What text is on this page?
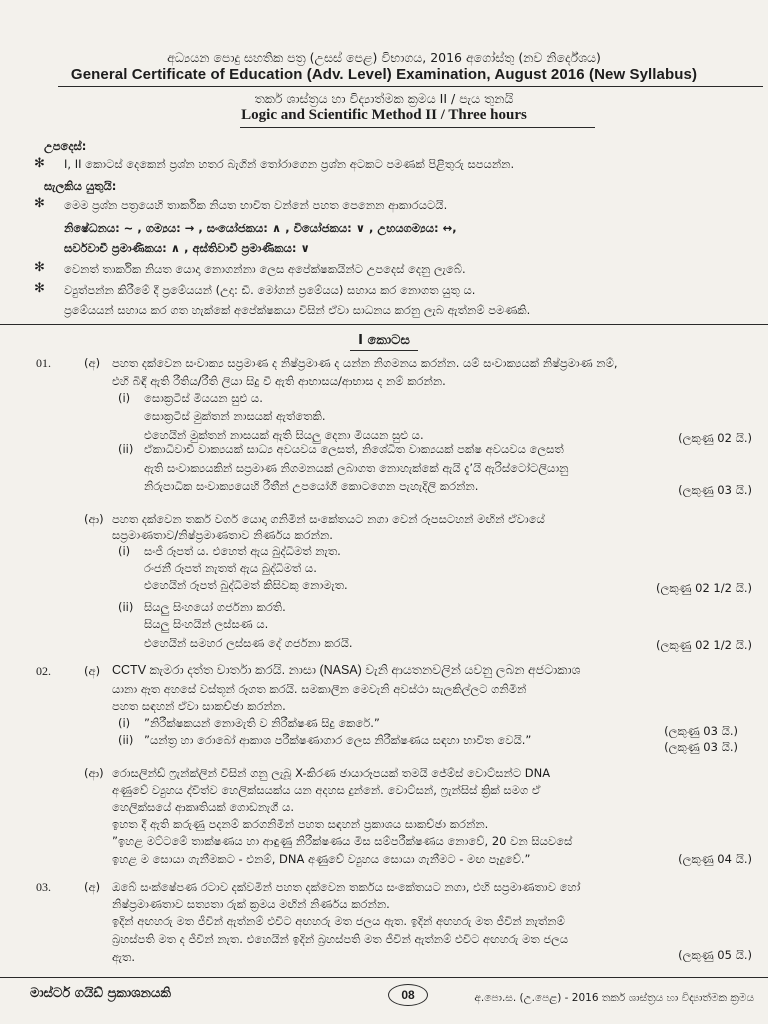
අධ්‍යයන පොදු සහතික පත්‍ර (උසස් පෙළ) විභාගය, 2016 අගෝස්තු (නව නිර්දේශය)
General Certificate of Education (Adv. Level) Examination, August 2016 (New Syllabus)
තර්ක ශාස්ත්‍රය හා විද්‍යාත්මක ක්‍රමය II / පැය තුනයි
Logic and Scientific Method II / Three hours
උපදෙස්:
✻ I, II කොටස් දෙකෙන් ප්‍රශ්න හතර බැගින් තෝරාගෙන ප්‍රශ්න අටකට පමණක් පිළිතුරු සපයන්න.
සැලකිය යුතුයි:
✻ මෙම ප්‍රශ්න පත්‍රයෙහි තාර්කික නියත භාවිත වන්නේ පහත පෙනෙන ආකාරයටයි.
නිෂේධනය: ~ , ගම්‍යය: → , සංයෝජකය: ∧ , වියෝජකය: ∨ , උභයගම්‍යය: ↔,
සර්වවාචී ප්‍රමාණිකය: ∧ , අස්තිවාචී ප්‍රමාණිකය: ∨
✻ වෙනත් තාර්කික නියත යොදා නොගන්නා ලෙස අපේක්ෂකයින්ට උපදෙස් දෙනු ලැබේ.
✻ ව්‍යුත්පන්න කිරීමේ දී ප්‍රමේයයන් (උදා: ඩී. මෝගන් ප්‍රමේයය) සහාය කර නොගත යුතු ය.
ප්‍රමේයයන් සහාය කර ගත හැක්කේ අපේක්ෂකයා විසින් ඒවා සාධනය කරනු ලැබ ඇත්නම් පමණකි.
I කොටස
01.	(අ) පහත දක්වෙන සංවාක්‍ය සප්‍රමාණ ද නිෂ්ප්‍රමාණ ද යන්න නිගමනය කරන්න. යම් සංවාක්‍යයක් නිෂ්ප්‍රමාණ නම්,
එහි බිඳී ඇති රීතිය/රීති ලියා සිදු වී ඇති ආභාසය/ආභාස ද නම් කරන්න.
(i) සොක්‍රටීස් මියයන සුළු ය.
සොක්‍රටීස් මුක්තන් නාසයක් ඇත්තෙකි.
එහෙයින් මුක්තන් නාසයක් ඇති සියලු දෙනා මියයන සුළු ය.	(ලකුණු 02 යි.)
(ii) ඒකාධිවාචී වාක්‍යයක් සාධ්‍ය අවයවය ලෙසත්, නිශේධිත වාක්‍යයක් පක්ෂ අවයවය ලෙසත්
ඇති සංවාක්‍යයකින් සප්‍රමාණ නිගමනයක් ලබාගත නොහැක්කේ ඇයි දැ’යි ඇරිස්ටෝටලියානු
නිරුපාධික සංවාක්‍යයෙහි රීතීන් උපයෝගී කොටගෙන පැහැදිලි කරන්න.	(ලකුණු 03 යි.)
(ආ) පහත දක්වෙන තර්ක වර්ග යොදා ගනිමින් සංකේතයට නගා වෙන් රූපසටහන් මඟින් ඒවායේ
සප්‍රමාණතාව/නිෂ්ප්‍රමාණතාව නිර්ණය කරන්න.
(i) සංජී රූපත් ය. එහෙත් ඇය බුද්ධිමත් නැත.
රංජනී රූපත් නැතත් ඇය බුද්ධිමත් ය.
එහෙයින් රූපත් බුද්ධිමත් කිසිවකු නොමැත.	(ලකුණු 02 1/2 යි.)
(ii) සියලු සිංහයෝ ගර්ජනා කරති.
සියලු සිංහයින් ලස්සණ ය.
එහෙයින් සමහර ලස්සණ දේ ගර්ජනා කරයි.	(ලකුණු 02 1/2 යි.)
02.	(අ) CCTV කැමරා දත්ත වාර්තා කරයි. නාසා (NASA) වැනි ආයතනවලින් යවනු ලබන අජටාකාශ
යානා ඈත අහසේ වස්තූන් රූගත කරයි. සමකාලීන මෙවැනි අවස්ථා සැලකිල්ලට ගනිමින්
පහත සඳහන් ඒවා සාකච්ඡා කරන්න.
(i) ”නිරීක්ෂකයන් නොමැති ව නිරීක්ෂණ සිදු කෙරේ.”
(ලකුණු 03 යි.)
(ii) ”යන්ත්‍ර හා රොබෝ ආකාශ පරීක්ෂණාගාර ලෙස නිරීක්ෂණය සඳහා භාවිත වෙයි.”	(ලකුණු 03 යි.)
(ආ) රොසලින්ඩ් ෆ්‍රැන්ක්ලින් විසින් ගනු ලැබූ X-කිරණ ඡායාරූපයක් තමයි ජේම්ස් වොට්සන්ට DNA
අණුවේ ව්‍යුහය ද්විත්ව හෙලික්සයක්ය යන අදහස දුන්නේ. වොට්සන්, ෆ්‍රැන්සිස් ක්‍රික් සමග ඒ
හෙලික්සයේ ආකෘතියක් ගොඩනැගී ය.
ඉහත දී ඇති කරුණු පදනම් කරගනිමින් පහත සඳහන් ප්‍රකාශය සාකච්ඡා කරන්න.
”ඉහළ මට්ටමේ තාක්ෂණය හා ආඳුණු නිරීක්ෂණය මිස සම්පරීක්ෂණය නොවේ, 20 වන සියවසේ
ඉහළ ම සොයා ගැනීමකට - එනම්, DNA අණුවේ ව්‍යුහය සොයා ගැනීමට - මඟ පෑදුවේ.”	(ලකුණු 04 යි.)
03.	(අ) ඔබේ සංක්ෂේපණ රටාව දක්වමින් පහත දක්වෙන තර්කය සංකේතයට නගා, එහි සප්‍රමාණතාව හෝ
නිෂ්ප්‍රමාණතාව සත්‍යතා රුක් ක්‍රමය මඟින් නිර්ණය කරන්න.
ඉදින් අඟහරු මත ජීවින් ඇත්නම් එවිට අඟහරු මත ජලය ඇත. ඉදින් අඟහරු මත ජීවින් නැත්නම්
බ්‍රහස්පති මත ද ජීවින් නැත. එහෙයින් ඉදින් බ්‍රහස්පති මත ජීවින් ඇත්නම් එවිට අඟහරු මත ජලය
ඇත.	(ලකුණු 05 යි.)
මාස්ටර් ගයිඩ් ප්‍රකාශනයකි	08	අ.පො.ස. (උ.පෙළ) - 2016 තර්ක ශාස්ත්‍රය හා විද්‍යාත්මක ක්‍රමය
